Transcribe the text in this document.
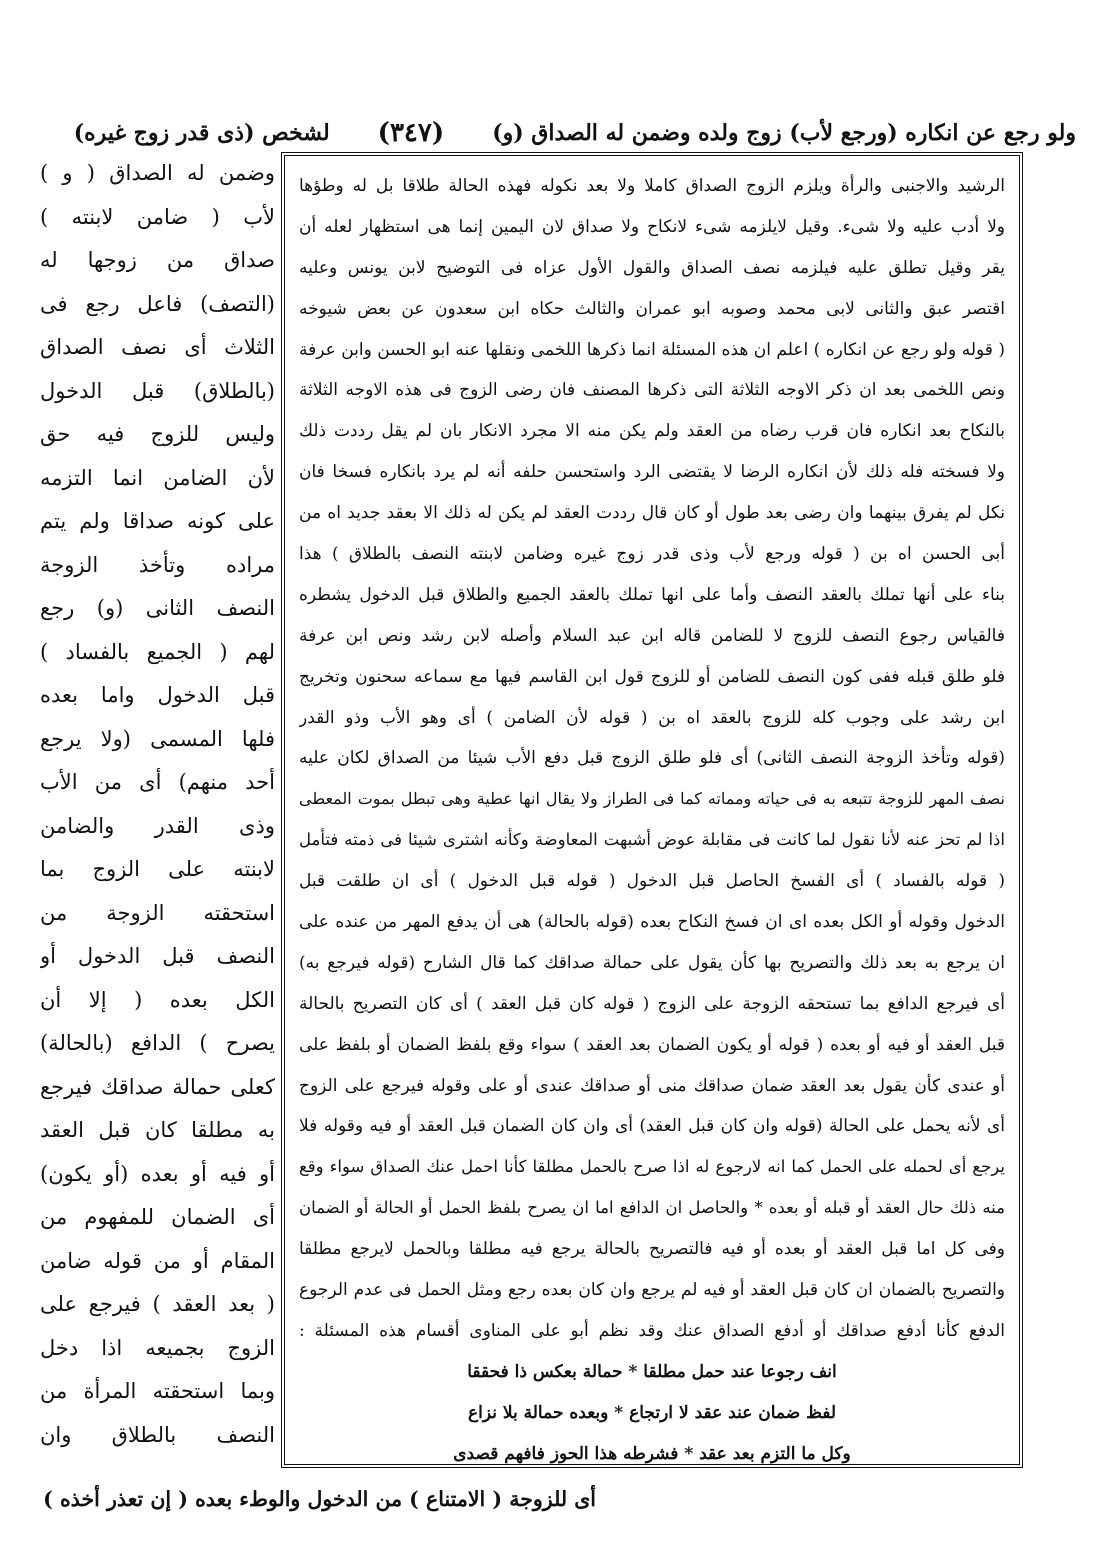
ولو رجع عن انكاره (ورجع لأب) زوج ولده وضمن له الصداق (و)
(٣٤٧)
لشخص (ذى قدر زوج غيره)
وضمن له الصداق ( و )
لأب ( ضامن لابنته )
صداق من زوجها له
(التصف) فاعل رجع فى
الثلاث أى نصف الصداق
(بالطلاق) قبل الدخول
وليس للزوج فيه حق
لأن الضامن انما التزمه
على كونه صداقا ولم يتم
مراده وتأخذ الزوجة
النصف الثانى (و) رجع
لهم ( الجميع بالفساد )
قبل الدخول واما بعده
فلها المسمى (ولا يرجع
أحد منهم) أى من الأب
وذى القدر والضامن
لابنته على الزوج بما
استحقته الزوجة من
النصف قبل الدخول أو
الكل بعده ( إلا أن
يصرح ) الدافع (بالحالة)
كعلى حمالة صداقك فيرجع
به مطلقا كان قبل العقد
أو فيه أو بعده (أو يكون)
أى الضمان للمفهوم من
المقام أو من قوله ضامن
( بعد العقد ) فيرجع على
الزوج بجميعه اذا دخل
وبما استحقته المرأة من
النصف بالطلاق وان
الرشيد والاجنبى والرأة ويلزم الزوج الصداق كاملا ولا بعد نكوله فهذه الحالة طلاقا بل له وطؤها
ولا أدب عليه ولا شىء. وقيل لايلزمه شىء لانكاح ولا صداق لان اليمين إنما هى استظهار لعله أن
يقر وقيل تطلق عليه فيلزمه نصف الصداق والقول الأول عزاه فى التوضيح لابن يونس وعليه
اقتصر عبق والثانى لابى محمد وصوبه ابو عمران والثالث حكاه ابن سعدون عن بعض شيوخه
( قوله ولو رجع عن انكاره ) اعلم ان هذه المسئلة انما ذكرها اللخمى ونقلها عنه ابو الحسن وابن عرفة
ونص اللخمى بعد ان ذكر الاوجه الثلاثة التى ذكرها المصنف فان رضى الزوج فى هذه الاوجه الثلاثة
بالنكاح بعد انكاره فان قرب رضاه من العقد ولم يكن منه الا مجرد الانكار بان لم يقل رددت ذلك
ولا فسخته فله ذلك لأن انكاره الرضا لا يقتضى الرد واستحسن حلفه أنه لم يرد بانكاره فسخا فان
نكل لم يفرق بينهما وان رضى بعد طول أو كان قال رددت العقد لم يكن له ذلك الا بعقد جديد اه من
أبى الحسن اه بن ( قوله ورجع لأب وذى قدر زوج غيره وضامن لابنته النصف بالطلاق ) هذا
بناء على أنها تملك بالعقد النصف وأما على انها تملك بالعقد الجميع والطلاق قبل الدخول يشطره
فالقياس رجوع النصف للزوج لا للضامن قاله ابن عبد السلام وأصله لابن رشد ونص ابن عرفة
فلو طلق قبله ففى كون النصف للضامن أو للزوج قول ابن القاسم فيها مع سماعه سحنون وتخريج
ابن رشد على وجوب كله للزوج بالعقد اه بن ( قوله لأن الضامن ) أى وهو الأب وذو القدر
(قوله وتأخذ الزوجة النصف الثانى) أى فلو طلق الزوج قبل دفع الأب شيئا من الصداق لكان عليه
نصف المهر للزوجة تتبعه به فى حياته ومماته كما فى الطراز ولا يقال انها عطية وهى تبطل بموت المعطى
اذا لم تحز عنه لأنا نقول لما كانت فى مقابلة عوض أشبهت المعاوضة وكأنه اشترى شيئا فى ذمته فتأمل
( قوله بالفساد ) أى الفسخ الحاصل قبل الدخول ( قوله قبل الدخول ) أى ان طلقت قبل
الدخول وقوله أو الكل بعده اى ان فسخ النكاح بعده (قوله بالحالة) هى أن يدفع المهر من عنده على
ان يرجع به بعد ذلك والتصريح بها كأن يقول على حمالة صداقك كما قال الشارح (قوله فيرجع به)
أى فيرجع الدافع بما تستحقه الزوجة على الزوج ( قوله كان قبل العقد ) أى كان التصريح بالحالة
قبل العقد أو فيه أو بعده ( قوله أو يكون الضمان بعد العقد ) سواء وقع بلفظ الضمان أو بلفظ على
أو عندى كأن يقول بعد العقد ضمان صداقك منى أو صداقك عندى أو على وقوله فيرجع على الزوج
أى لأنه يحمل على الحالة (قوله وان كان قبل العقد) أى وان كان الضمان قبل العقد أو فيه وقوله فلا
يرجع أى لحمله على الحمل كما انه لارجوع له اذا صرح بالحمل مطلقا كأنا احمل عنك الصداق سواء وقع
منه ذلك حال العقد أو قبله أو بعده * والحاصل ان الدافع اما ان يصرح بلفظ الحمل أو الحالة أو الضمان
وفى كل اما قبل العقد أو بعده أو فيه فالتصريح بالحالة يرجع فيه مطلقا وبالحمل لايرجع مطلقا
والتصريح بالضمان ان كان قبل العقد أو فيه لم يرجع وان كان بعده رجع ومثل الحمل فى عدم الرجوع
الدفع كأنا أدفع صداقك أو أدفع الصداق عنك وقد نظم أبو على المناوى أقسام هذه المسئلة :
انف رجوعا عند حمل مطلقا * حمالة بعكس ذا فحققا
لفظ ضمان عند عقد لا ارتجاع * وبعده حمالة بلا نزاع
وكل ما التزم بعد عقد * فشرطه هذا الحوز فافهم قصدى
أى للزوجة ( الامتناع ) من الدخول والوطء بعده ( إن تعذر أخذه )
